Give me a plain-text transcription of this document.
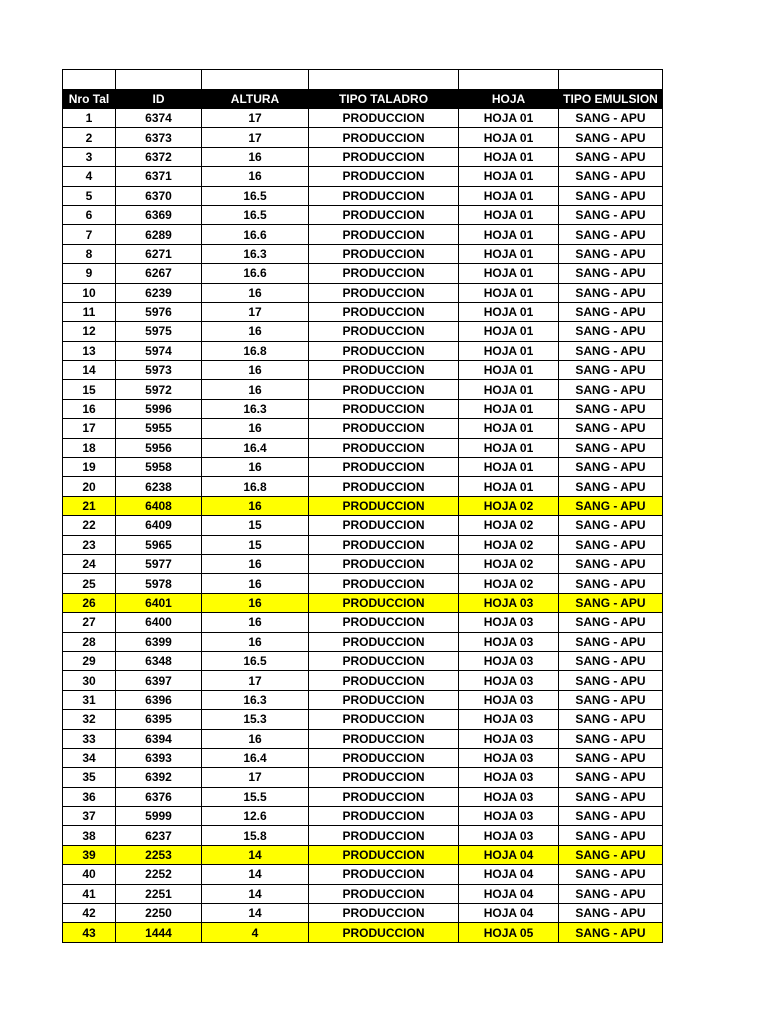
Nro Tal	ID	ALTURA	TIPO TALADRO	HOJA	TIPO EMULSION
1	6374	17	PRODUCCION	HOJA 01	SANG - APU
2	6373	17	PRODUCCION	HOJA 01	SANG - APU
3	6372	16	PRODUCCION	HOJA 01	SANG - APU
4	6371	16	PRODUCCION	HOJA 01	SANG - APU
5	6370	16.5	PRODUCCION	HOJA 01	SANG - APU
6	6369	16.5	PRODUCCION	HOJA 01	SANG - APU
7	6289	16.6	PRODUCCION	HOJA 01	SANG - APU
8	6271	16.3	PRODUCCION	HOJA 01	SANG - APU
9	6267	16.6	PRODUCCION	HOJA 01	SANG - APU
10	6239	16	PRODUCCION	HOJA 01	SANG - APU
11	5976	17	PRODUCCION	HOJA 01	SANG - APU
12	5975	16	PRODUCCION	HOJA 01	SANG - APU
13	5974	16.8	PRODUCCION	HOJA 01	SANG - APU
14	5973	16	PRODUCCION	HOJA 01	SANG - APU
15	5972	16	PRODUCCION	HOJA 01	SANG - APU
16	5996	16.3	PRODUCCION	HOJA 01	SANG - APU
17	5955	16	PRODUCCION	HOJA 01	SANG - APU
18	5956	16.4	PRODUCCION	HOJA 01	SANG - APU
19	5958	16	PRODUCCION	HOJA 01	SANG - APU
20	6238	16.8	PRODUCCION	HOJA 01	SANG - APU
21	6408	16	PRODUCCION	HOJA 02	SANG - APU
22	6409	15	PRODUCCION	HOJA 02	SANG - APU
23	5965	15	PRODUCCION	HOJA 02	SANG - APU
24	5977	16	PRODUCCION	HOJA 02	SANG - APU
25	5978	16	PRODUCCION	HOJA 02	SANG - APU
26	6401	16	PRODUCCION	HOJA 03	SANG - APU
27	6400	16	PRODUCCION	HOJA 03	SANG - APU
28	6399	16	PRODUCCION	HOJA 03	SANG - APU
29	6348	16.5	PRODUCCION	HOJA 03	SANG - APU
30	6397	17	PRODUCCION	HOJA 03	SANG - APU
31	6396	16.3	PRODUCCION	HOJA 03	SANG - APU
32	6395	15.3	PRODUCCION	HOJA 03	SANG - APU
33	6394	16	PRODUCCION	HOJA 03	SANG - APU
34	6393	16.4	PRODUCCION	HOJA 03	SANG - APU
35	6392	17	PRODUCCION	HOJA 03	SANG - APU
36	6376	15.5	PRODUCCION	HOJA 03	SANG - APU
37	5999	12.6	PRODUCCION	HOJA 03	SANG - APU
38	6237	15.8	PRODUCCION	HOJA 03	SANG - APU
39	2253	14	PRODUCCION	HOJA 04	SANG - APU
40	2252	14	PRODUCCION	HOJA 04	SANG - APU
41	2251	14	PRODUCCION	HOJA 04	SANG - APU
42	2250	14	PRODUCCION	HOJA 04	SANG - APU
43	1444	4	PRODUCCION	HOJA 05	SANG - APU
